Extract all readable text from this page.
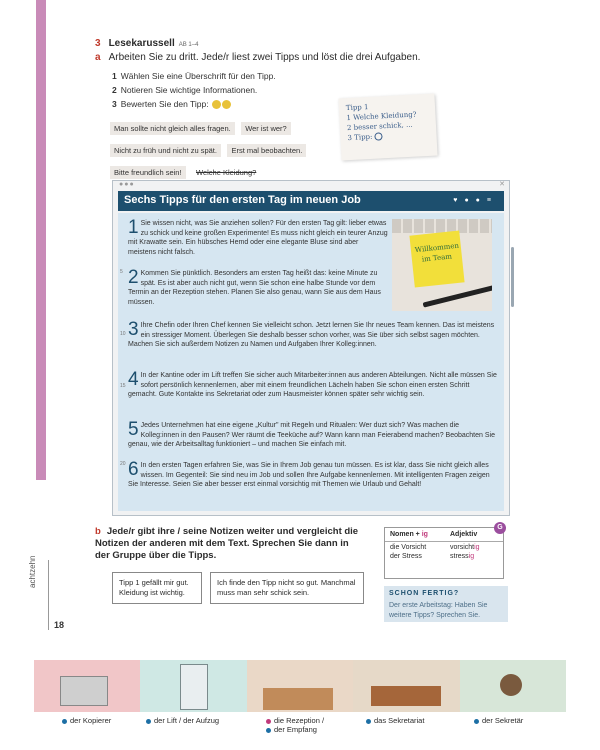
achtzehn
18
3 Lesekarussell AB 1–4
a Arbeiten Sie zu dritt. Jede/r liest zwei Tipps und löst die drei Aufgaben.
1 Wählen Sie eine Überschrift für den Tipp.
2 Notieren Sie wichtige Informationen.
3 Bewerten Sie den Tipp:
Man sollte nicht gleich alles fragen. Wer ist wer? Nicht zu früh und nicht zu spät. Erst mal beobachten. Bitte freundlich sein! Welche Kleidung?
Tipp 1
1 Welche Kleidung?
2 besser schick, ...
3 Tipp:
●●●	✕
Sechs Tipps für den ersten Tag im neuen Job	♥●●≡
Willkommen im Team
1 Sie wissen nicht, was Sie anziehen sollen? Für den ersten Tag gilt: lieber etwas zu schick und keine großen Experimente! Es muss nicht gleich ein teurer Anzug mit Krawatte sein. Ein hübsches Hemd oder eine elegante Bluse sind aber meistens nicht falsch.
5 2 Kommen Sie pünktlich. Besonders am ersten Tag heißt das: keine Minute zu spät. Es ist aber auch nicht gut, wenn Sie schon eine halbe Stunde vor dem Termin an der Rezeption stehen. Planen Sie also genau, wann Sie aus dem Haus müssen.
10 3 Ihre Chefin oder Ihren Chef kennen Sie vielleicht schon. Jetzt lernen Sie Ihr neues Team kennen. Das ist meistens ein stressiger Moment. Überlegen Sie deshalb besser schon vorher, was Sie über sich selbst sagen möchten. Machen Sie sich außerdem Notizen zu Namen und Aufgaben Ihrer Kolleg:innen.
15 4 In der Kantine oder im Lift treffen Sie sicher auch Mitarbeiter:innen aus anderen Abteilungen. Nicht alle müssen Sie sofort persönlich kennenlernen, aber mit einem freundlichen Lächeln haben Sie schon einen ersten Schritt gemacht. Gute Kontakte ins Sekretariat oder zum Hausmeister können später sehr wichtig sein.
20
5 Jedes Unternehmen hat eine eigene „Kultur" mit Regeln und Ritualen: Wer duzt sich? Was machen die Kolleg:innen in den Pausen? Wer räumt die Teeküche auf? Wann kann man Feierabend machen? Beobachten Sie genau, wie der Arbeitsalltag funktioniert – und machen Sie einfach mit.
6 In den ersten Tagen erfahren Sie, was Sie in Ihrem Job genau tun müssen. Es ist klar, dass Sie nicht gleich alles wissen. Im Gegenteil: Sie sind neu im Job und sollen Ihre Aufgabe kennenlernen. Mit intelligenten Fragen zeigen Sie Interesse. Seien Sie aber besser erst einmal vorsichtig mit Themen wie Urlaub und Gehalt!
b Jede/r gibt ihre / seine Notizen weiter und vergleicht die Notizen der anderen mit dem Text. Sprechen Sie dann in der Gruppe über die Tipps.
Tipp 1 gefällt mir gut. Kleidung ist wichtig.
Ich finde den Tipp nicht so gut. Manchmal muss man sehr schick sein.
Nomen + ig	Adjektiv
die Vorsicht	vorsichtig
der Stress	stressig
G
SCHON FERTIG?
Der erste Arbeitstag: Haben Sie weitere Tipps? Sprechen Sie.
der Kopierer	der Lift / der Aufzug	die Rezeption /
der Empfang
das Sekretariat	der Sekretär
